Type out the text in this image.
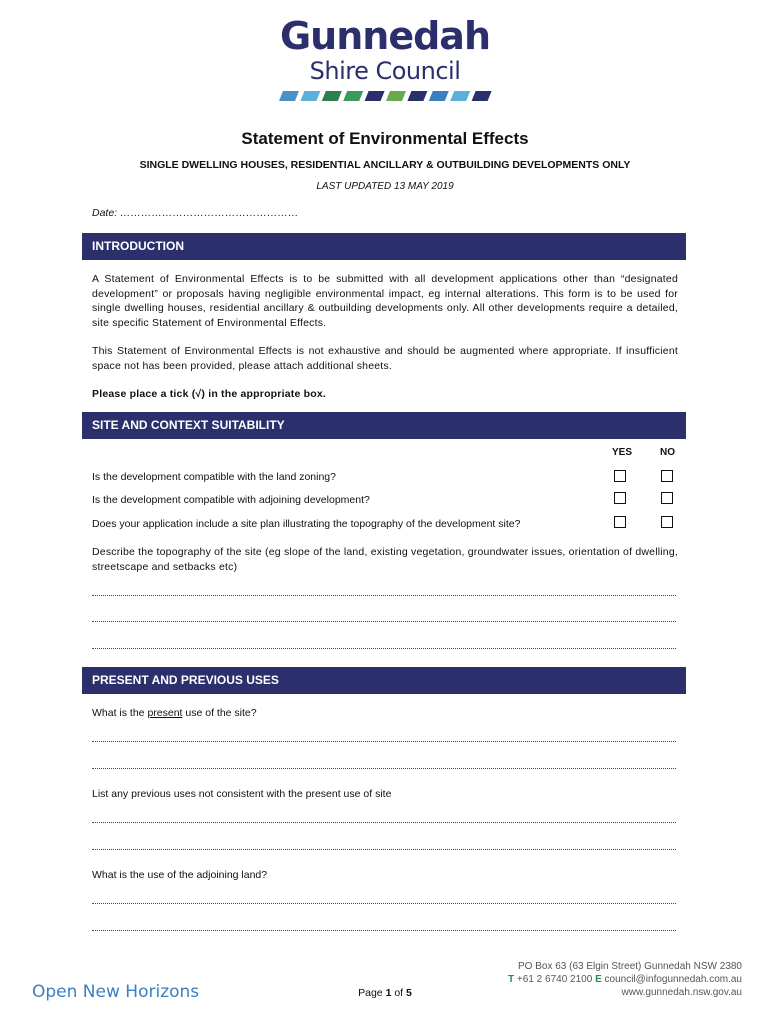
Gunnedah
Shire Council
Statement of Environmental Effects
SINGLE DWELLING HOUSES, RESIDENTIAL ANCILLARY & OUTBUILDING DEVELOPMENTS ONLY
LAST UPDATED 13 MAY 2019
Date: ……………………………………………
INTRODUCTION
A Statement of Environmental Effects is to be submitted with all development applications other than “designated development” or proposals having negligible environmental impact, eg internal alterations. This form is to be used for single dwelling houses, residential ancillary & outbuilding developments only. All other developments require a detailed, site specific Statement of Environmental Effects.
This Statement of Environmental Effects is not exhaustive and should be augmented where appropriate. If insufficient space not has been provided, please attach additional sheets.
Please place a tick (√) in the appropriate box.
SITE AND CONTEXT SUITABILITY
YES	NO
Is the development compatible with the land zoning?
Is the development compatible with adjoining development?
Does your application include a site plan illustrating the topography of the development site?
Describe the topography of the site (eg slope of the land, existing vegetation, groundwater issues, orientation of dwelling, streetscape and setbacks etc)
PRESENT AND PREVIOUS USES
What is the present use of the site?
List any previous uses not consistent with the present use of site
What is the use of the adjoining land?
Open New Horizons	Page 1 of 5
PO Box 63 (63 Elgin Street) Gunnedah NSW 2380
T +61 2 6740 2100 E council@infogunnedah.com.au
www.gunnedah.nsw.gov.au
